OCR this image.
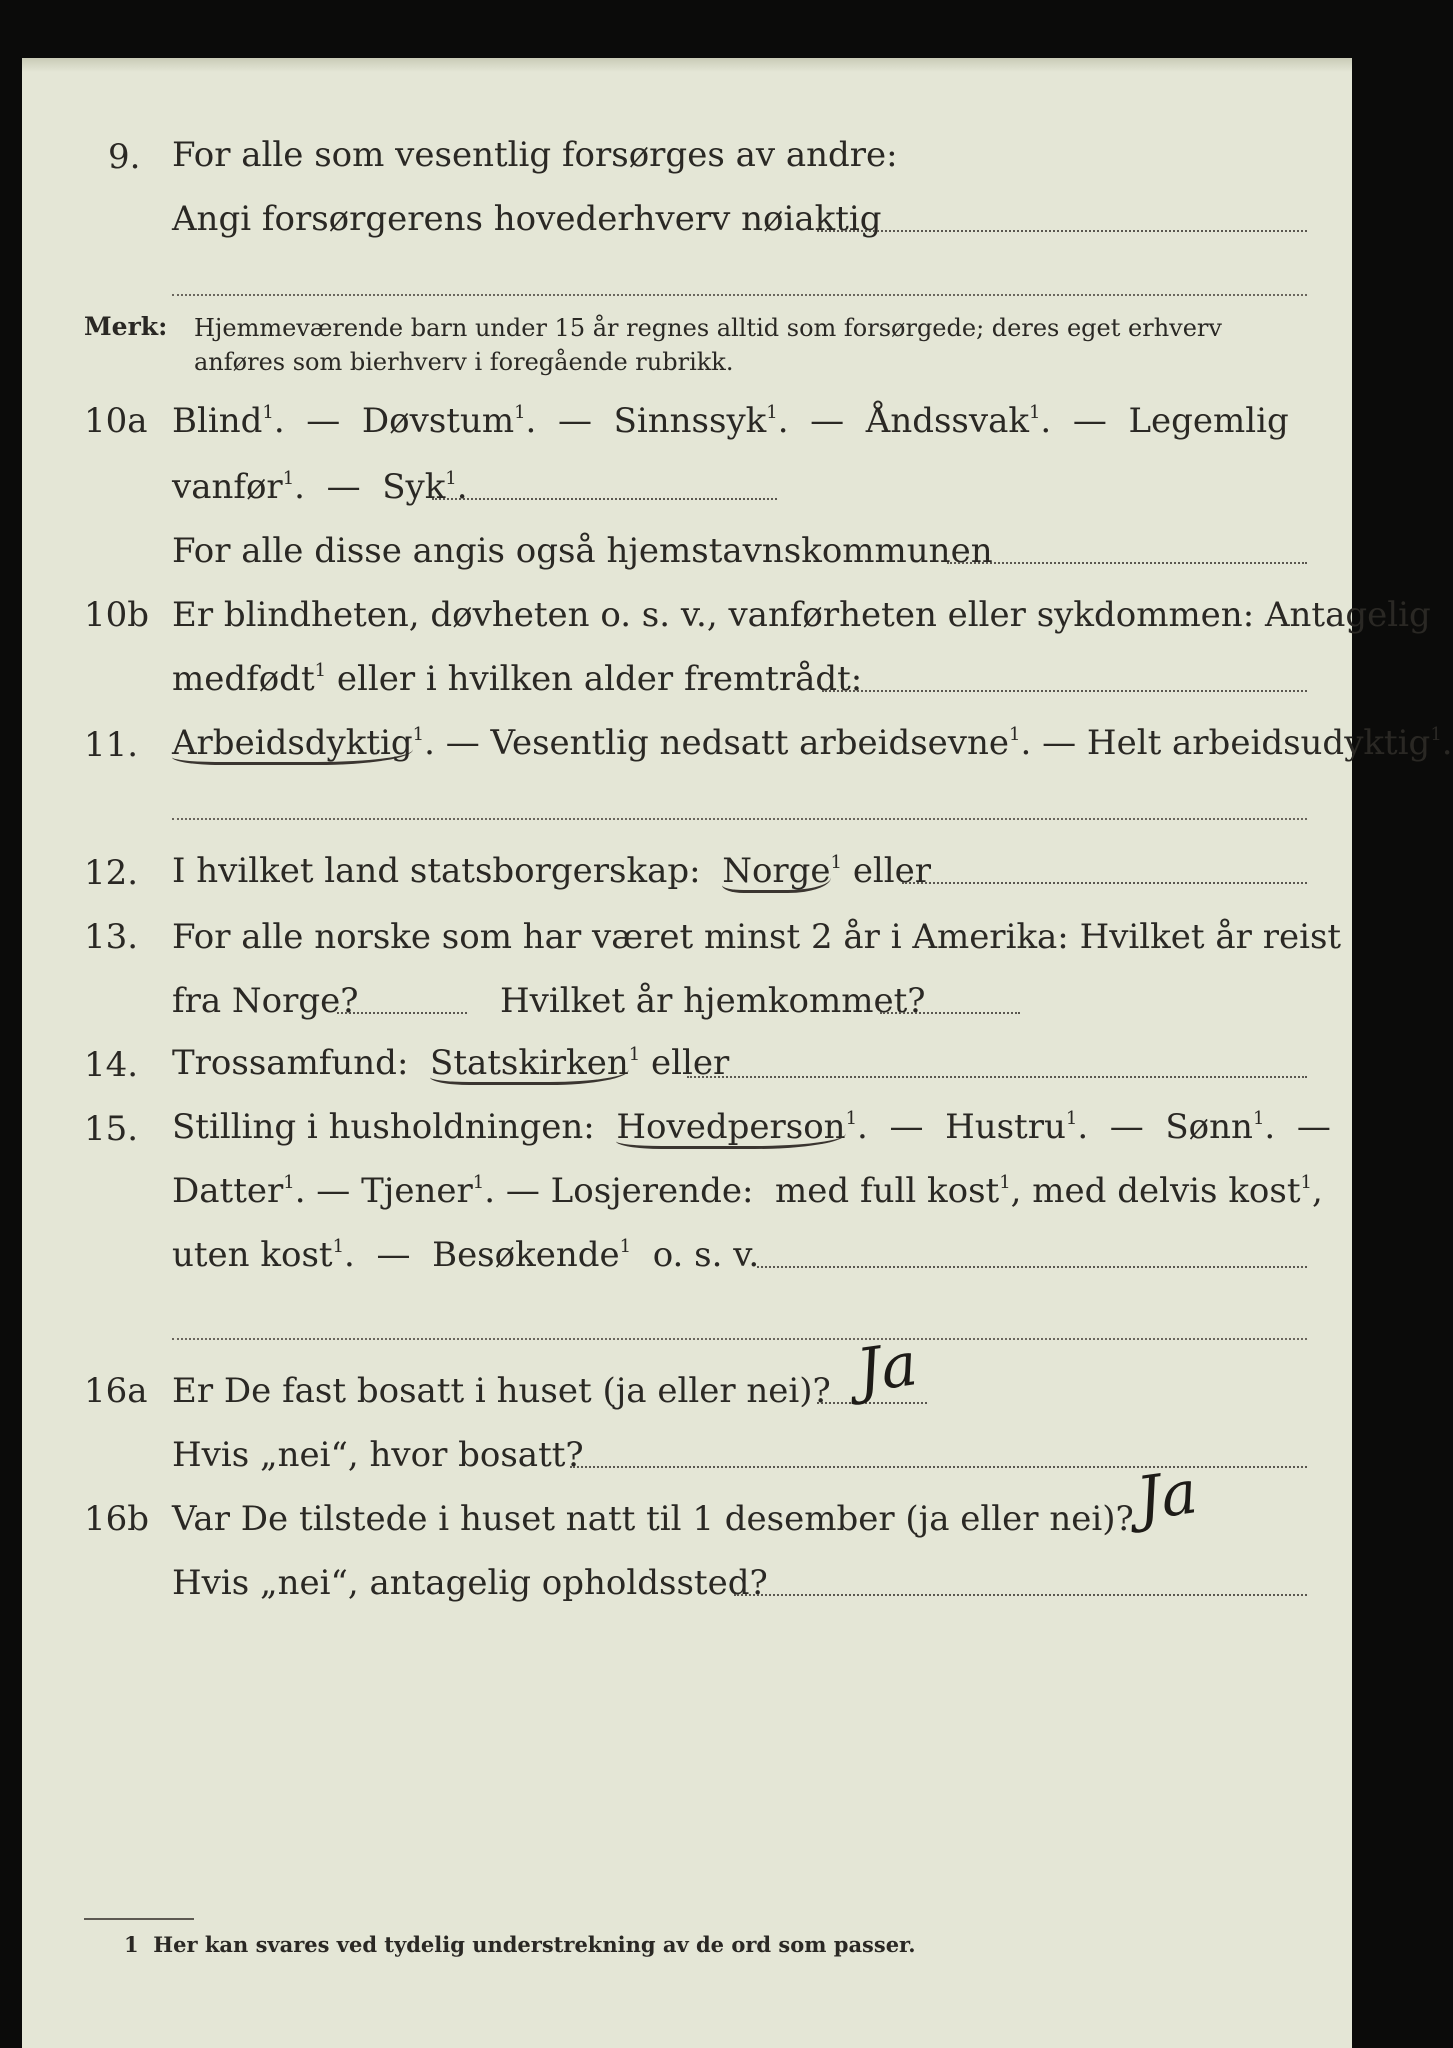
9. For alle som vesentlig forsørges av andre:
Angi forsørgerens hovederhverv nøiaktig
Merk: Hjemmeværende barn under 15 år regnes alltid som forsørgede; deres eget erhverv
anføres som bierhverv i foregående rubrikk.
10a Blind$^1$.  —  Døvstum$^1$.  —  Sinnssyk$^1$.  —  Åndssvak$^1$.  —  Legemlig
vanfør$^1$.  —  Syk$^1$.
For alle disse angis også hjemstavnskommunen
10b Er blindheten, døvheten o. s. v., vanførheten eller sykdommen: Antagelig
medfødt$^1$ eller i hvilken alder fremtrådt:
11. Arbeidsdyktig$^1$. — Vesentlig nedsatt arbeidsevne$^1$. — Helt arbeidsudyktig$^1$.
12. I hvilket land statsborgerskap: Norge$^1$ eller
13. For alle norske som har været minst 2 år i Amerika: Hvilket år reist
fra Norge?	Hvilket år hjemkommet?
14. Trossamfund: Statskirken$^1$ eller
15. Stilling i husholdningen: Hovedperson$^1$.  —  Hustru$^1$.  —  Sønn$^1$.  —
Datter$^1$. — Tjener$^1$. — Losjerende: med full kost$^1$, med delvis kost$^1$,
uten kost$^1$.  —  Besøkende$^1$ o. s. v.
16a Er De fast bosatt i huset (ja eller nei)? Ja
Hvis „nei“, hvor bosatt?
16b Var De tilstede i huset natt til 1 desember (ja eller nei)?
Ja
Hvis „nei“, antagelig opholdssted?
1 Her kan svares ved tydelig understrekning av de ord som passer.
